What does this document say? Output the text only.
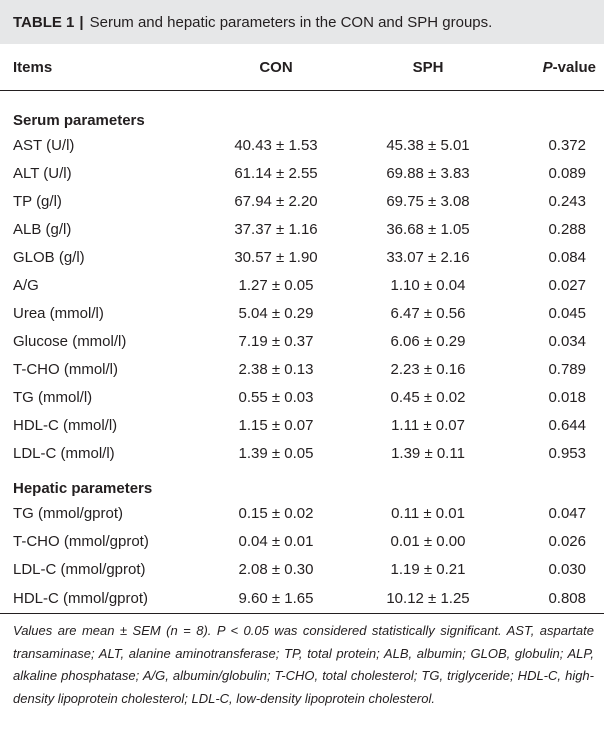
TABLE 1 | Serum and hepatic parameters in the CON and SPH groups.
Items	CON	SPH	P-value
Serum parameters			
AST (U/l)	40.43 ± 1.53	45.38 ± 5.01	0.372
ALT (U/l)	61.14 ± 2.55	69.88 ± 3.83	0.089
TP (g/l)	67.94 ± 2.20	69.75 ± 3.08	0.243
ALB (g/l)	37.37 ± 1.16	36.68 ± 1.05	0.288
GLOB (g/l)	30.57 ± 1.90	33.07 ± 2.16	0.084
A/G	1.27 ± 0.05	1.10 ± 0.04	0.027
Urea (mmol/l)	5.04 ± 0.29	6.47 ± 0.56	0.045
Glucose (mmol/l)	7.19 ± 0.37	6.06 ± 0.29	0.034
T-CHO (mmol/l)	2.38 ± 0.13	2.23 ± 0.16	0.789
TG (mmol/l)	0.55 ± 0.03	0.45 ± 0.02	0.018
HDL-C (mmol/l)	1.15 ± 0.07	1.11 ± 0.07	0.644
LDL-C (mmol/l)	1.39 ± 0.05	1.39 ± 0.11	0.953
Hepatic parameters			
TG (mmol/gprot)	0.15 ± 0.02	0.11 ± 0.01	0.047
T-CHO (mmol/gprot)	0.04 ± 0.01	0.01 ± 0.00	0.026
LDL-C (mmol/gprot)	2.08 ± 0.30	1.19 ± 0.21	0.030
HDL-C (mmol/gprot)	9.60 ± 1.65	10.12 ± 1.25	0.808
Values are mean ± SEM (n = 8). P < 0.05 was considered statistically significant. AST, aspartate transaminase; ALT, alanine aminotransferase; TP, total protein; ALB, albumin; GLOB, globulin; ALP, alkaline phosphatase; A/G, albumin/globulin; T-CHO, total cholesterol; TG, triglyceride; HDL-C, high-density lipoprotein cholesterol; LDL-C, low-density lipoprotein cholesterol.
